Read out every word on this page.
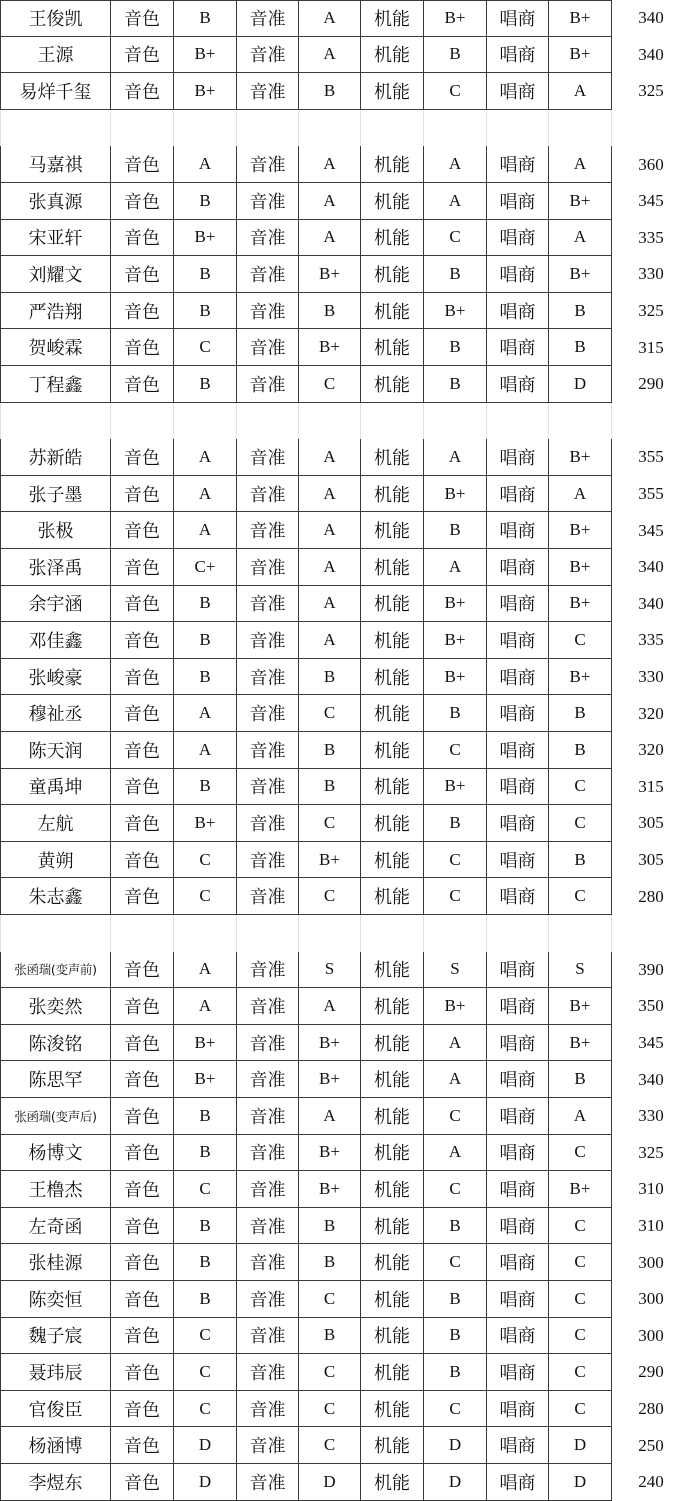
王俊凯	音色	B	音准	A	机能	B+	唱商	B+	340
王源	音色	B+	音准	A	机能	B	唱商	B+	340
易烊千玺	音色	B+	音准	B	机能	C	唱商	A	325
马嘉祺	音色	A	音准	A	机能	A	唱商	A	360
张真源	音色	B	音准	A	机能	A	唱商	B+	345
宋亚轩	音色	B+	音准	A	机能	C	唱商	A	335
刘耀文	音色	B	音准	B+	机能	B	唱商	B+	330
严浩翔	音色	B	音准	B	机能	B+	唱商	B	325
贺峻霖	音色	C	音准	B+	机能	B	唱商	B	315
丁程鑫	音色	B	音准	C	机能	B	唱商	D	290
苏新皓	音色	A	音准	A	机能	A	唱商	B+	355
张子墨	音色	A	音准	A	机能	B+	唱商	A	355
张极	音色	A	音准	A	机能	B	唱商	B+	345
张泽禹	音色	C+	音准	A	机能	A	唱商	B+	340
余宇涵	音色	B	音准	A	机能	B+	唱商	B+	340
邓佳鑫	音色	B	音准	A	机能	B+	唱商	C	335
张峻豪	音色	B	音准	B	机能	B+	唱商	B+	330
穆祉丞	音色	A	音准	C	机能	B	唱商	B	320
陈天润	音色	A	音准	B	机能	C	唱商	B	320
童禹坤	音色	B	音准	B	机能	B+	唱商	C	315
左航	音色	B+	音准	C	机能	B	唱商	C	305
黄朔	音色	C	音准	B+	机能	C	唱商	B	305
朱志鑫	音色	C	音准	C	机能	C	唱商	C	280
张函瑞(变声前)	音色	A	音准	S	机能	S	唱商	S	390
张奕然	音色	A	音准	A	机能	B+	唱商	B+	350
陈浚铭	音色	B+	音准	B+	机能	A	唱商	B+	345
陈思罕	音色	B+	音准	B+	机能	A	唱商	B	340
张函瑞(变声后)	音色	B	音准	A	机能	C	唱商	A	330
杨博文	音色	B	音准	B+	机能	A	唱商	C	325
王橹杰	音色	C	音准	B+	机能	C	唱商	B+	310
左奇函	音色	B	音准	B	机能	B	唱商	C	310
张桂源	音色	B	音准	B	机能	C	唱商	C	300
陈奕恒	音色	B	音准	C	机能	B	唱商	C	300
魏子宸	音色	C	音准	B	机能	B	唱商	C	300
聂玮辰	音色	C	音准	C	机能	B	唱商	C	290
官俊臣	音色	C	音准	C	机能	C	唱商	C	280
杨涵博	音色	D	音准	C	机能	D	唱商	D	250
李煜东	音色	D	音准	D	机能	D	唱商	D	240
